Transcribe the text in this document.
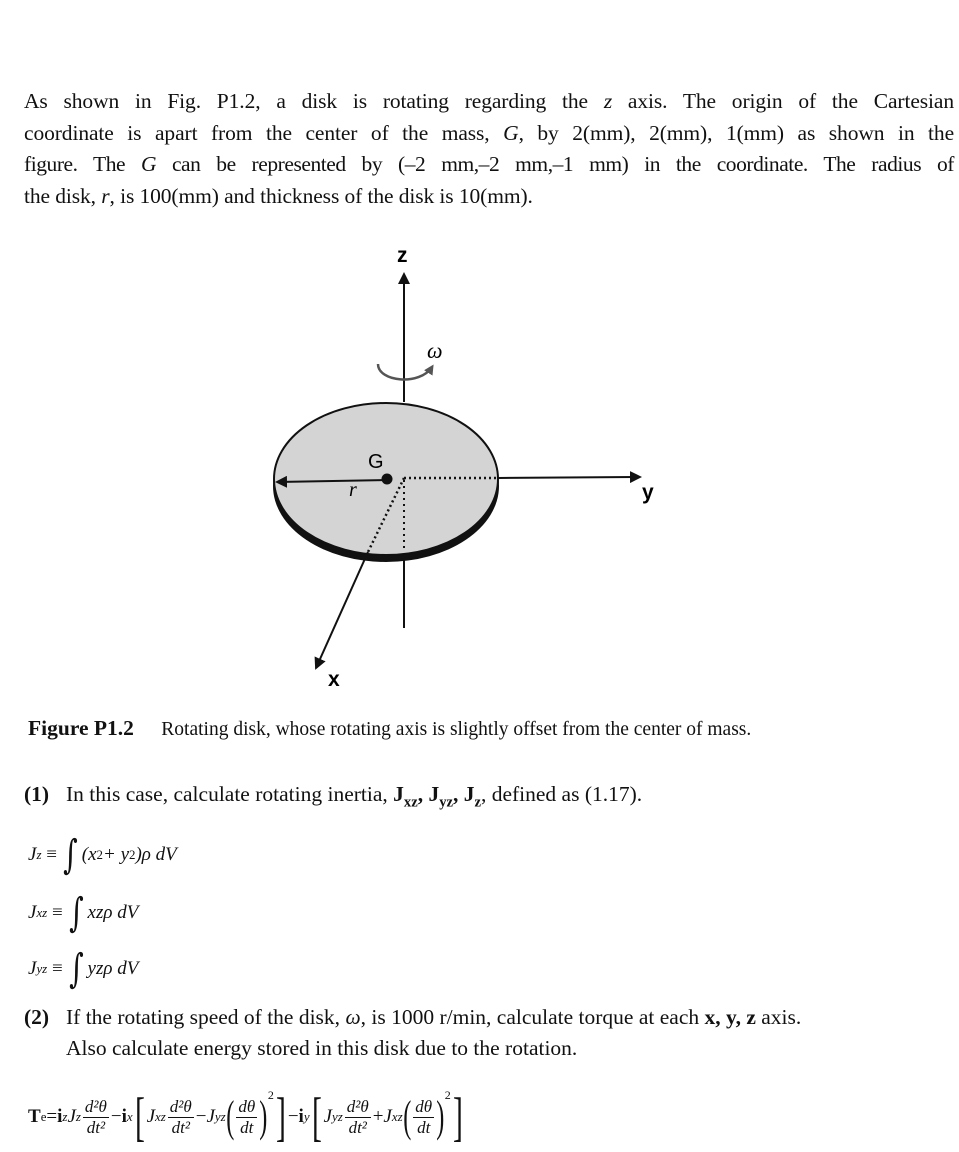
As shown in Fig. P1.2, a disk is rotating regarding the z axis. The origin of the Cartesian
coordinate is apart from the center of the mass, G, by 2(mm), 2(mm), 1(mm) as shown in the
figure. The G can be represented by (–2 mm,–2 mm,–1 mm) in the coordinate. The radius of
the disk, r, is 100(mm) and thickness of the disk is 10(mm).
z
y
x
ω
G
r
Figure P1.2 Rotating disk, whose rotating axis is slightly offset from the center of mass.
(1) In this case, calculate rotating inertia, $J_{xz}$, $J_{yz}$, $J_z$, defined as (1.17).
J z
≡ ∫ (x 2 + y 2 )ρ dV
J xz
≡ ∫ xzρ dV
J yz
≡ ∫ yzρ dV
(2) If the rotating speed of the disk, ω, is 1000 r/min, calculate torque at each x, y, z axis.
Also calculate energy stored in this disk due to the rotation.
T e = i z J z $\frac{\text{d²θ}}{\text{dt²}} - i$ x [ J xz $\frac{\text{d²θ}}{\text{dt²}} - J$ yz ( $\frac{d\theta}{dt}$ ) 2 ] − i y [ J yz $\frac{\text{d²θ}}{\text{dt²}} + J$ xz ( $\frac{d\theta}{dt}$ ) 2 ]
